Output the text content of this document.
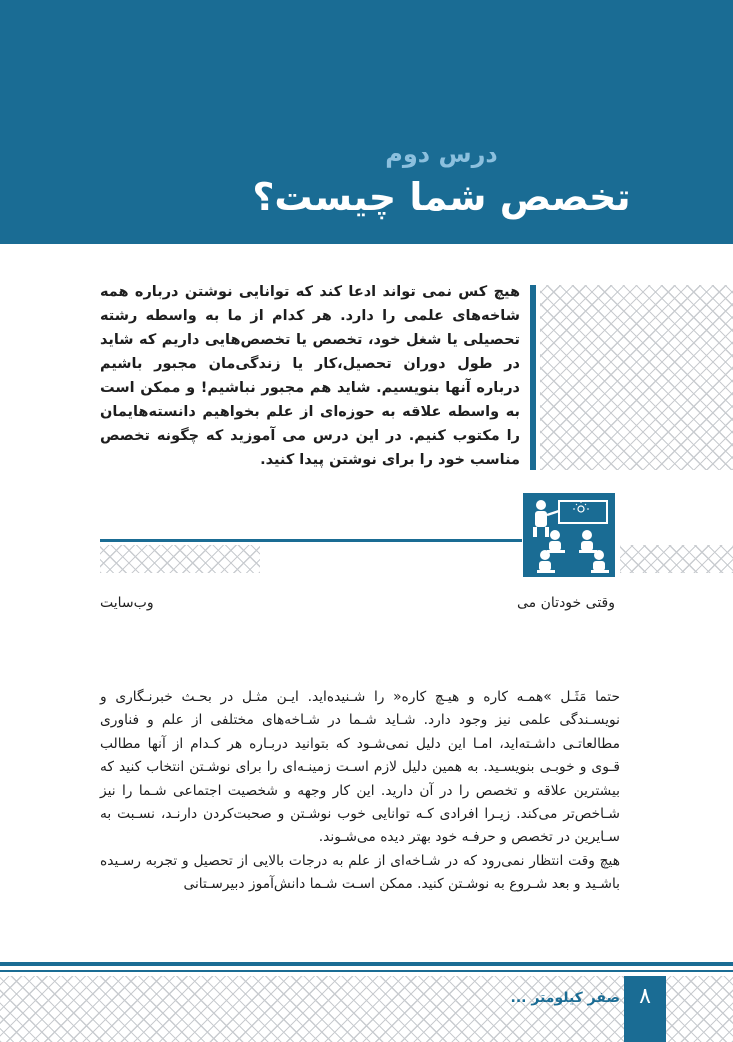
درس دوم
تخصص شما چیست؟

هیچ کس نمی تواند ادعا کند که توانایی نوشتن درباره همه شاخه‌های علمی را دارد. هر کدام از ما به واسطه رشته تحصیلی یا شغل خود، تخصص یا تخصص‌هایی داریم که شاید در طول دوران تحصیل،کار یا زندگی‌مان مجبور باشیم درباره آنها بنویسیم. شاید هم مجبور نباشیم! و ممکن است به واسطه علاقه به حوزه‌ای از علم بخواهیم دانسته‌هایمان را مکتوب کنیم. در این درس می آموزید که چگونه تخصص مناسب خود را برای نوشتن پیدا کنید.

وب‌سایت	وقتی خودتان می

حتما مَثَـل »همـه کاره و هیـچ کاره« را شـنیده‌اید. ایـن مثـل در بحـث خبرنـگاری و نویسـندگی علمی نیز وجود دارد. شـاید شـما در شـاخه‌های مختلفی از علم و فناوری مطالعاتـی داشـته‌اید، امـا این دلیل نمی‌شـود که بتوانید دربـاره هر کـدام از آنها مطالب قـوی و خوبـی بنویسـید. به همین دلیل لازم اسـت زمینـه‌ای را برای نوشـتن انتخاب کنید که بیشترین علاقه و تخصص را در آن دارید. این کار وجهه و شخصیت اجتماعی شـما را نیز شـاخص‌تر می‌کند. زیـرا افرادی کـه توانایی خوب نوشـتن و صحبت‌کردن دارنـد، نسـبت به سـایرین در تخصص و حرفـه خود بهتر دیده می‌شـوند.

هیچ وقت انتظار نمی‌رود که در شـاخه‌ای از علم به درجات بالایی از تحصیل و تجربه رسـیده باشـید و بعد شـروع به نوشـتن کنید. ممکن اسـت شـما دانش‌آموز دبیرسـتانی

صفر کیلومتر ... ۸
